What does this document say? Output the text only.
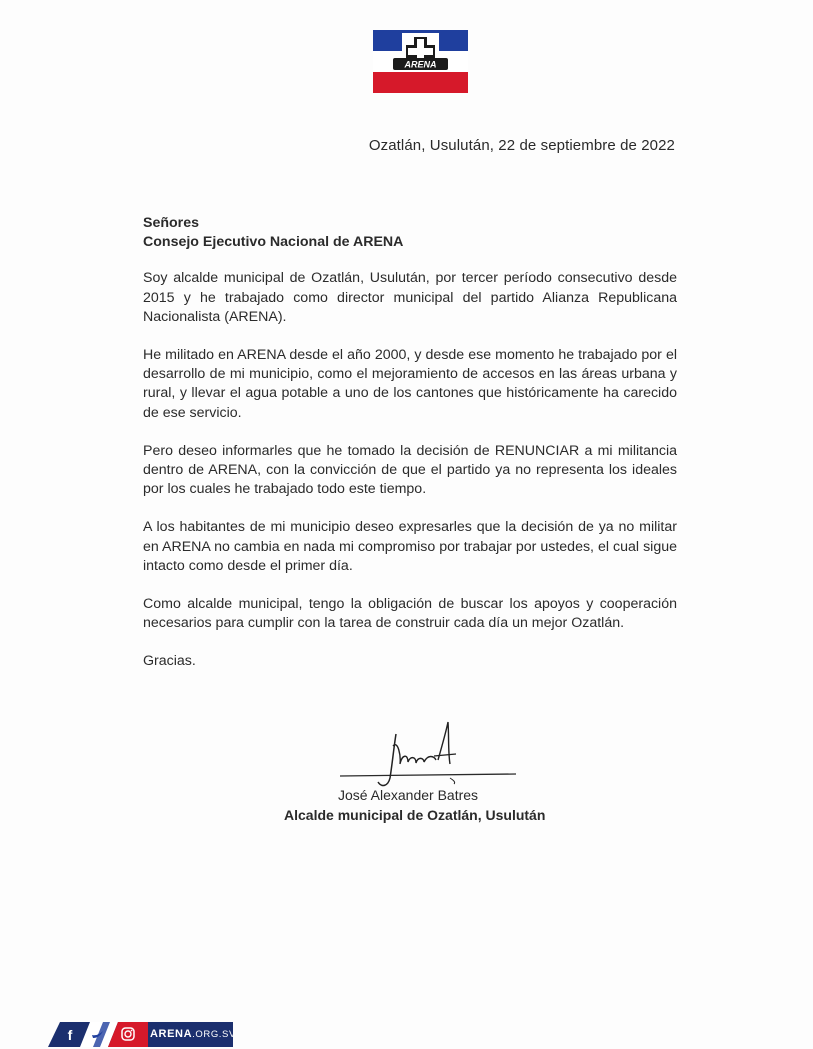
ARENA
Ozatlán, Usulután, 22 de septiembre de 2022
Señores
Consejo Ejecutivo Nacional de ARENA

Soy alcalde municipal de Ozatlán, Usulután, por tercer período consecutivo desde 2015 y he trabajado como director municipal del partido Alianza Republicana Nacionalista (ARENA).

He militado en ARENA desde el año 2000, y desde ese momento he trabajado por el desarrollo de mi municipio, como el mejoramiento de accesos en las áreas urbana y rural, y llevar el agua potable a uno de los cantones que históricamente ha carecido de ese servicio.

Pero deseo informarles que he tomado la decisión de RENUNCIAR a mi militancia dentro de ARENA, con la convicción de que el partido ya no representa los ideales por los cuales he trabajado todo este tiempo.

A los habitantes de mi municipio deseo expresarles que la decisión de ya no militar en ARENA no cambia en nada mi compromiso por trabajar por ustedes, el cual sigue intacto como desde el primer día.

Como alcalde municipal, tengo la obligación de buscar los apoyos y cooperación necesarios para cumplir con la tarea de construir cada día un mejor Ozatlán.

Gracias.

José Alexander Batres
Alcalde municipal de Ozatlán, Usulután
f	ARENA.ORG.SV
